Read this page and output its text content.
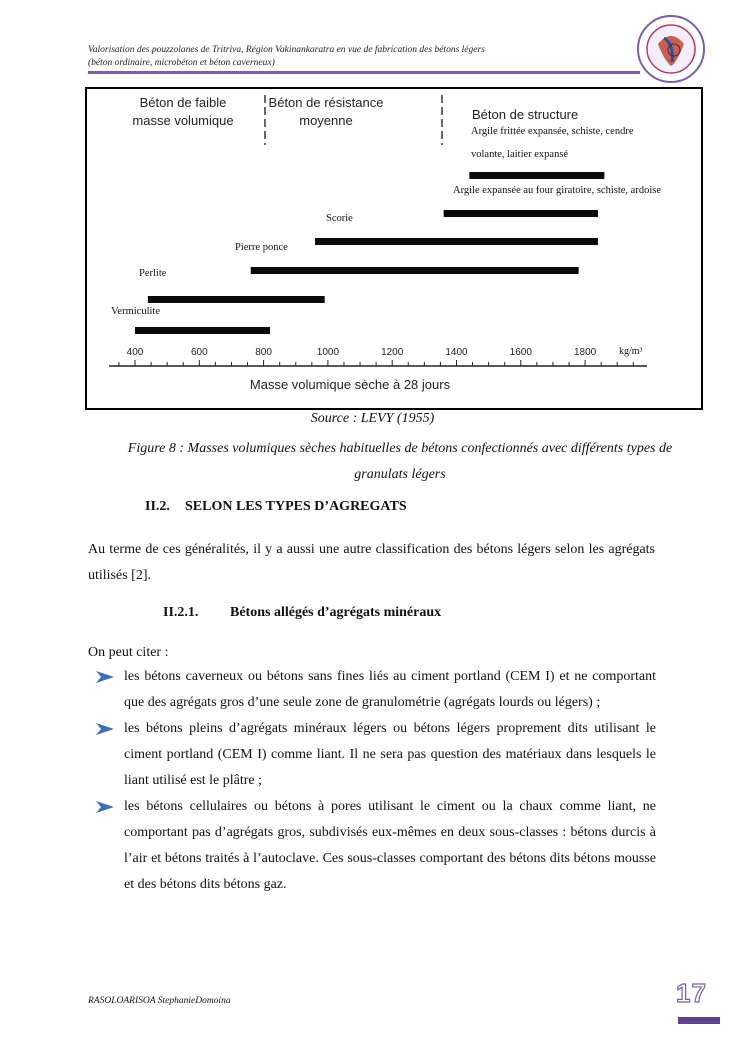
Valorisation des pouzzolanes de Tritriva, Région Vakinankaratra en vue de fabrication des bétons légers
(béton ordinaire, microbéton et béton caverneux)
· · · · · · · ·
Béton de faible
masse volumique
Béton de résistance
moyenne	Béton de structure
Vermiculite
Perlite
Pierre ponce
Scorie
Argile expansée au four giratoire, schiste, ardoise
Argile frittée expansée, schiste, cendre
volante, laitier expansé
400	600	800	1000	1200	1400	1600	1800 kg/m³
Masse volumique sèche à 28 jours
Source : LEVY (1955)
Figure 8 : Masses volumiques sèches habituelles de bétons confectionnés avec différents types de granulats légers
II.2. SELON LES TYPES D’AGREGATS
Au terme de ces généralités, il y a aussi une autre classification des bétons légers selon les agrégats utilisés [2].
II.2.1. Bétons allégés d’agrégats minéraux
On peut citer :
les bétons caverneux ou bétons sans fines liés au ciment portland (CEM I) et ne comportant que des agrégats gros d’une seule zone de granulométrie (agrégats lourds ou légers) ;
les bétons pleins d’agrégats minéraux légers ou bétons légers proprement dits utilisant le ciment portland (CEM I) comme liant. Il ne sera pas question des matériaux dans lesquels le liant utilisé est le plâtre ;
les bétons cellulaires ou bétons à pores utilisant le ciment ou la chaux comme liant, ne comportant pas d’agrégats gros, subdivisés eux-mêmes en deux sous-classes : bétons durcis à l’air et bétons traités à l’autoclave. Ces sous-classes comportant des bétons dits bétons mousse et des bétons dits bétons gaz.
RASOLOARISOA StephanieDomoina	17
